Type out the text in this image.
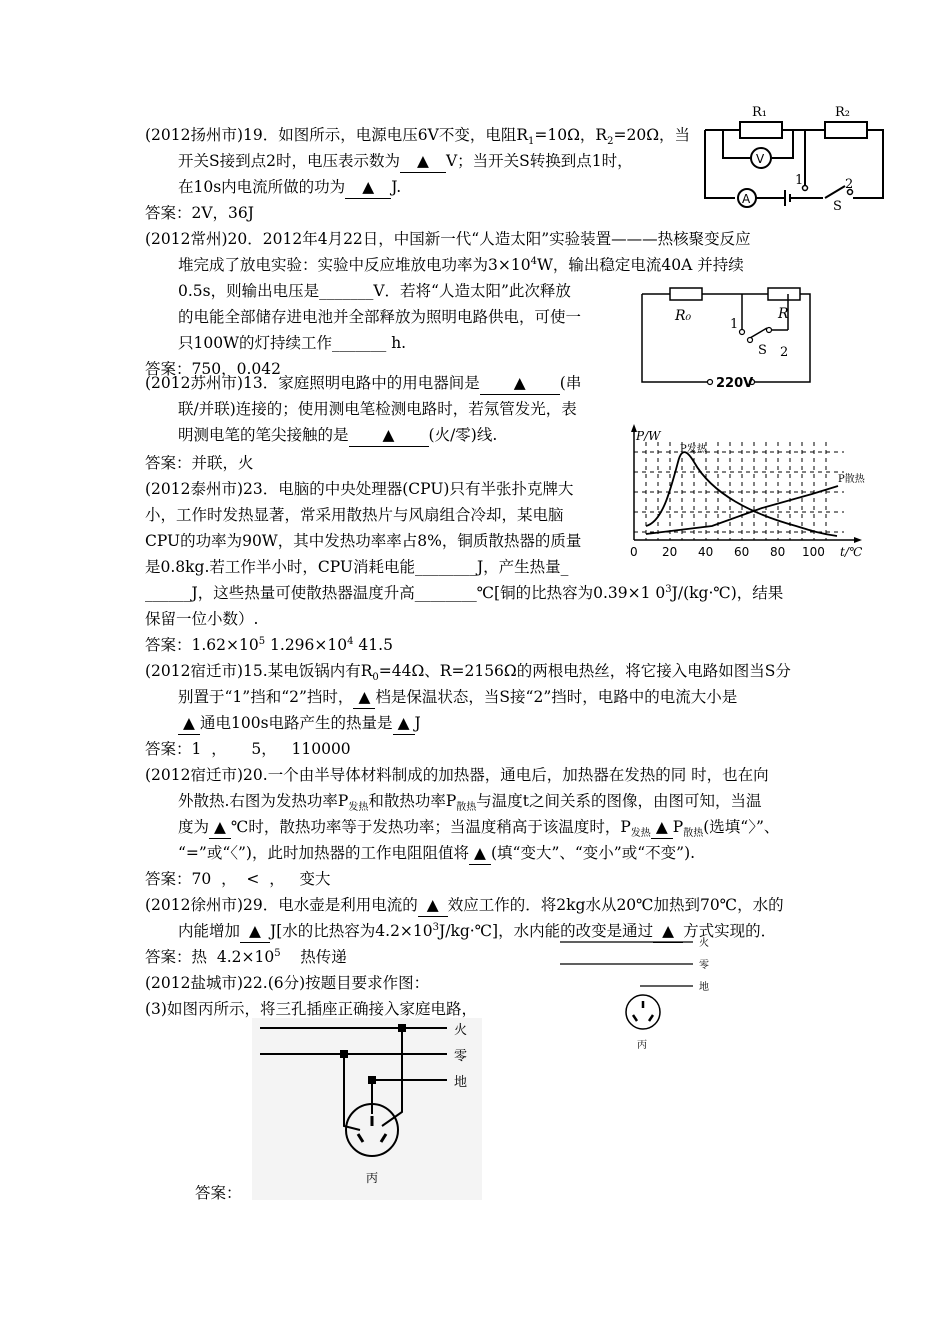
(2012扬州市)19．如图所示，电源电压6V不变，电阻$R_1=10\Omega$，$R_2=20\Omega$，当
开关S接到点2时，电压表示数为 ▲ V；当开关S转换到点1时，
在10s内电流所做的功为 ▲ J.
答案：2V，36J
R₁	R₂
V
A
1	2
S
(2012常州)20．2012年4月22日，中国新一代“人造太阳”实验装置———热核聚变反应
堆完成了放电实验：实验中反应堆放电功率为$3\times 10^4W$，输出稳定电流40A 并持续
0.5s，则输出电压是_______V．若将“人造太阳”此次释放
的电能全部储存进电池并全部释放为照明电路供电，可使一
只100W的灯持续工作_______ h.
答案：750，0.042
R₀	R
1
S 2
220V
(2012苏州市)13．家庭照明电路中的用电器间是 ▲ (串
联/并联)连接的；使用测电笔检测电路时，若氖管发光，表
明测电笔的笔尖接触的是 ▲ (火/零)线.
答案：并联，火
P/W
P发热
P散热
t/℃
0 20 40 60 80 100
(2012泰州市)23．电脑的中央处理器(CPU)只有半张扑克牌大
小，工作时发热显著，常采用散热片与风扇组合冷却，某电脑
CPU的功率为90W，其中发热功率率占8%，铜质散热器的质量
是0.8kg.若工作半小时，CPU消耗电能________J，产生热量_
______J，这些热量可使散热器温度升高________℃[铜的比热容为0.39×1 $0^3J/(kg\cdot℃)$，结果
保留一位小数）.
答案：$1.62\times 10^5$ $1.296\times 10^4$ 41.5
(2012宿迁市)15.某电饭锅内有$R_0=44\Omega$、R=2156Ω的两根电热丝，将它接入电路如图当S分
别置于“1”挡和“2”挡时， ▲ 档是保温状态，当S接“2”挡时，电路中的电流大小是
▲ 通电100s电路产生的热量是 ▲ J
答案：1  ，     5，   110000
(2012宿迁市)20.一个由半导体材料制成的加热器，通电后，加热器在发热的同 时，也在向
外散热.右图为发热功率$P_{发热}$和散热功率$P_{散热}$与温度t之间关系的图像，由图可知，当温
度为 ▲ ℃时，散热功率等于发热功率；当温度稍高于该温度时，$P_{发热}$ ▲ $P_{散热}$(选填“〉”、
“=”或“〈”)，此时加热器的工作电阻阻值将 ▲ (填“变大”、“变小”或“不变”).
答案：70  ，  <  ，   变大
(2012徐州市)29．电水壶是利用电流的 ▲ 效应工作的．将2kg水从20℃加热到70℃，水的
内能增加 ▲ J[水的比热容为$4.2\times 10^3J/kg\cdot℃$]，水内能的改变是通过 ▲ 方式实现的．
答案：热  $4.2\times 10^5$    热传递
(2012盐城市)22.(6分)按题目要求作图：
(3)如图丙所示，将三孔插座正确接入家庭电路，
答案：
火
零
地
丙
火
零
地
丙
